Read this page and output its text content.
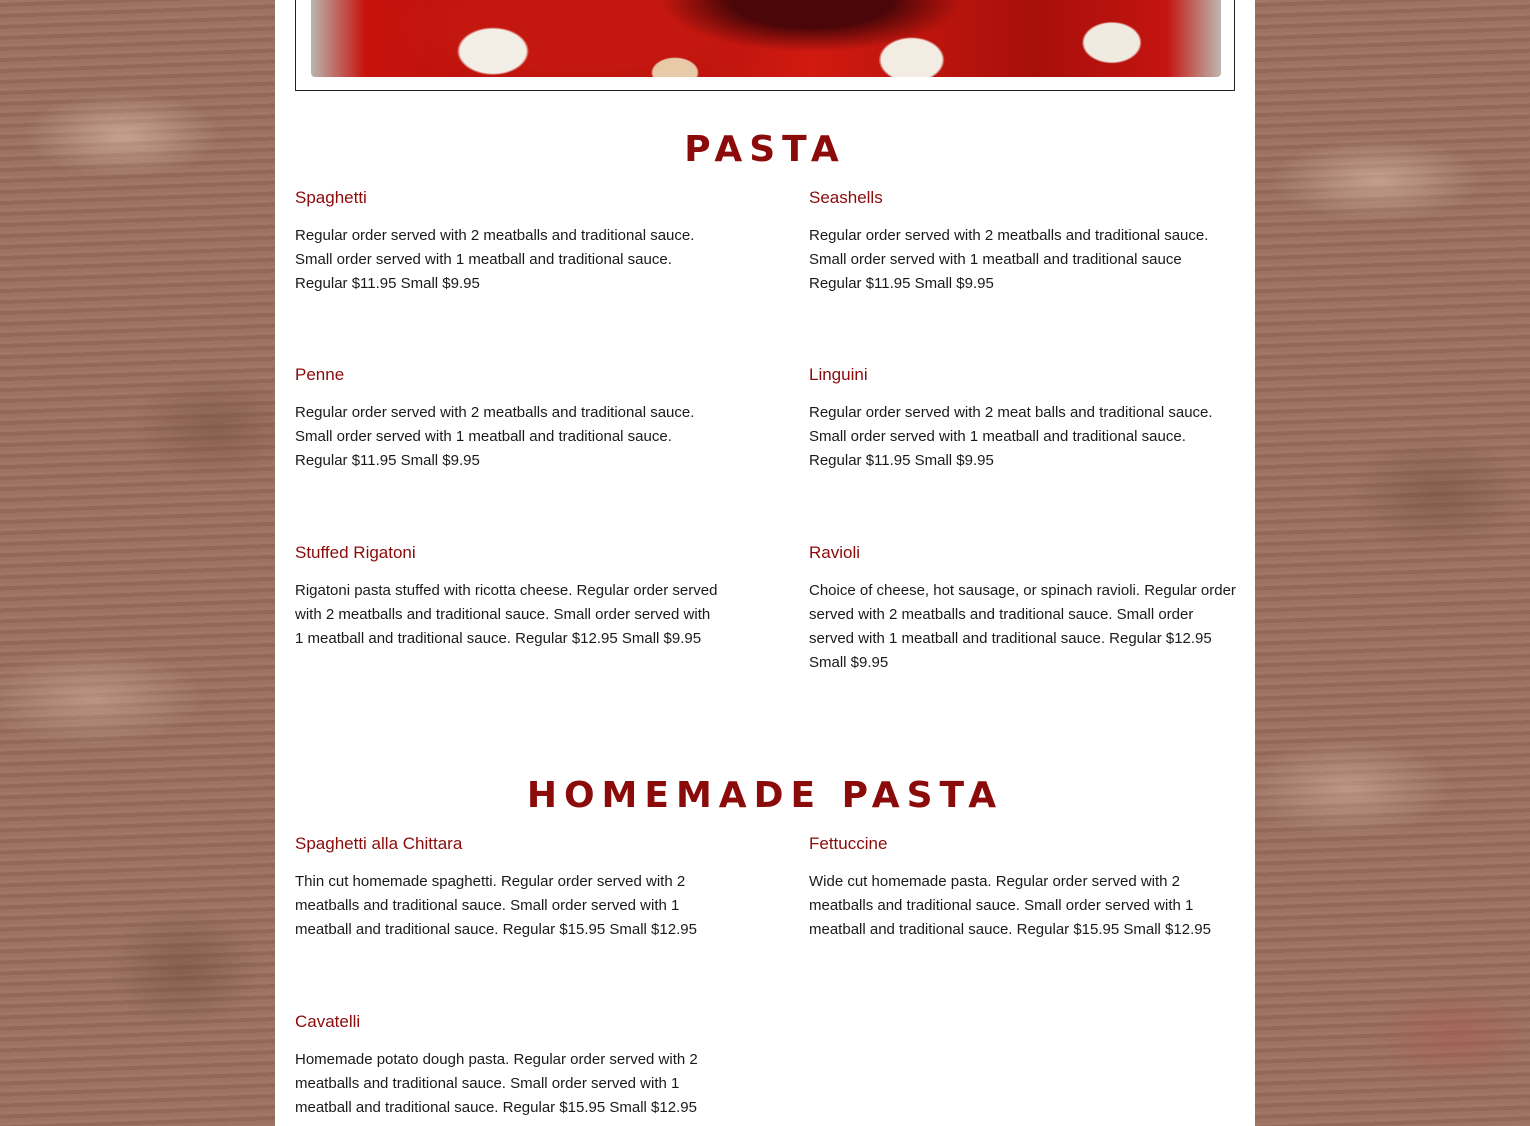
PASTA
Spaghetti

Regular order served with 2 meatballs and traditional sauce.
Small order served with 1 meatball and traditional sauce.
Regular $11.95 Small $9.95

Seashells

Regular order served with 2 meatballs and traditional sauce.
Small order served with 1 meatball and traditional sauce
Regular $11.95 Small $9.95

Penne

Regular order served with 2 meatballs and traditional sauce.
Small order served with 1 meatball and traditional sauce.
Regular $11.95 Small $9.95

Linguini

Regular order served with 2 meat balls and traditional sauce.
Small order served with 1 meatball and traditional sauce.
Regular $11.95 Small $9.95

Stuffed Rigatoni

Rigatoni pasta stuffed with ricotta cheese. Regular order served
with 2 meatballs and traditional sauce. Small order served with
1 meatball and traditional sauce. Regular $12.95 Small $9.95

Ravioli

Choice of cheese, hot sausage, or spinach ravioli. Regular order
served with 2 meatballs and traditional sauce. Small order
served with 1 meatball and traditional sauce. Regular $12.95
Small $9.95

HOMEMADE PASTA
Spaghetti alla Chittara

Thin cut homemade spaghetti. Regular order served with 2
meatballs and traditional sauce. Small order served with 1
meatball and traditional sauce. Regular $15.95 Small $12.95

Fettuccine

Wide cut homemade pasta. Regular order served with 2
meatballs and traditional sauce. Small order served with 1
meatball and traditional sauce. Regular $15.95 Small $12.95

Cavatelli

Homemade potato dough pasta. Regular order served with 2
meatballs and traditional sauce. Small order served with 1
meatball and traditional sauce. Regular $15.95 Small $12.95
